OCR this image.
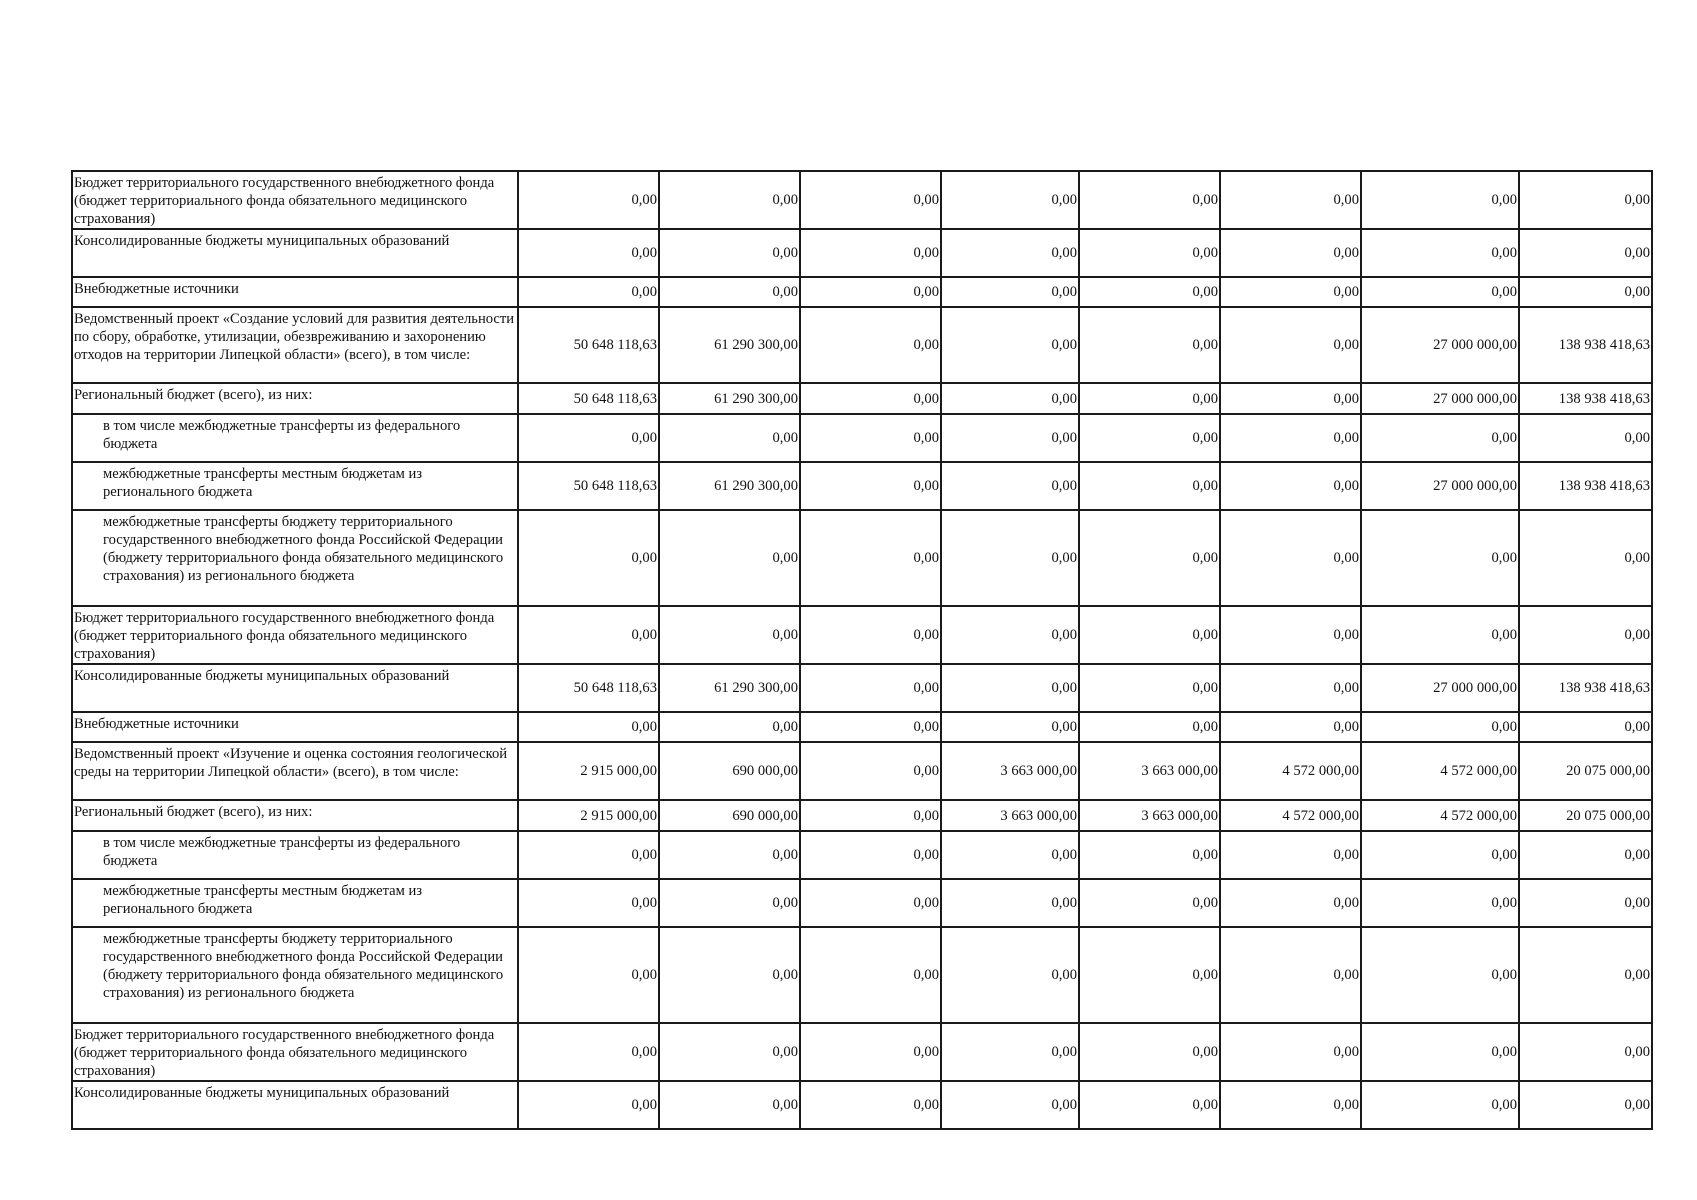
Бюджет территориального государственного внебюджетного фонда (бюджет территориального фонда обязательного медицинского страхования)	0,00	0,00	0,00	0,00	0,00	0,00	0,00	0,00
Консолидированные бюджеты муниципальных образований	0,00	0,00	0,00	0,00	0,00	0,00	0,00	0,00
Внебюджетные источники	0,00	0,00	0,00	0,00	0,00	0,00	0,00	0,00
Ведомственный проект «Создание условий для развития деятельности по сбору, обработке, утилизации, обезвреживанию и захоронению отходов на территории Липецкой области» (всего), в том числе:	50 648 118,63	61 290 300,00	0,00	0,00	0,00	0,00	27 000 000,00	138 938 418,63
Региональный бюджет (всего), из них:	50 648 118,63	61 290 300,00	0,00	0,00	0,00	0,00	27 000 000,00	138 938 418,63
в том числе межбюджетные трансферты из федерального бюджета	0,00	0,00	0,00	0,00	0,00	0,00	0,00	0,00
межбюджетные трансферты местным бюджетам из регионального бюджета	50 648 118,63	61 290 300,00	0,00	0,00	0,00	0,00	27 000 000,00	138 938 418,63
межбюджетные трансферты бюджету территориального государственного внебюджетного фонда Российской Федерации (бюджету территориального фонда обязательного медицинского страхования) из регионального бюджета	0,00	0,00	0,00	0,00	0,00	0,00	0,00	0,00
Бюджет территориального государственного внебюджетного фонда (бюджет территориального фонда обязательного медицинского страхования)	0,00	0,00	0,00	0,00	0,00	0,00	0,00	0,00
Консолидированные бюджеты муниципальных образований	50 648 118,63	61 290 300,00	0,00	0,00	0,00	0,00	27 000 000,00	138 938 418,63
Внебюджетные источники	0,00	0,00	0,00	0,00	0,00	0,00	0,00	0,00
Ведомственный проект «Изучение и оценка состояния геологической среды на территории Липецкой области» (всего), в том числе:	2 915 000,00	690 000,00	0,00	3 663 000,00	3 663 000,00	4 572 000,00	4 572 000,00	20 075 000,00
Региональный бюджет (всего), из них:	2 915 000,00	690 000,00	0,00	3 663 000,00	3 663 000,00	4 572 000,00	4 572 000,00	20 075 000,00
в том числе межбюджетные трансферты из федерального бюджета	0,00	0,00	0,00	0,00	0,00	0,00	0,00	0,00
межбюджетные трансферты местным бюджетам из регионального бюджета	0,00	0,00	0,00	0,00	0,00	0,00	0,00	0,00
межбюджетные трансферты бюджету территориального государственного внебюджетного фонда Российской Федерации (бюджету территориального фонда обязательного медицинского страхования) из регионального бюджета	0,00	0,00	0,00	0,00	0,00	0,00	0,00	0,00
Бюджет территориального государственного внебюджетного фонда (бюджет территориального фонда обязательного медицинского страхования)	0,00	0,00	0,00	0,00	0,00	0,00	0,00	0,00
Консолидированные бюджеты муниципальных образований	0,00	0,00	0,00	0,00	0,00	0,00	0,00	0,00
